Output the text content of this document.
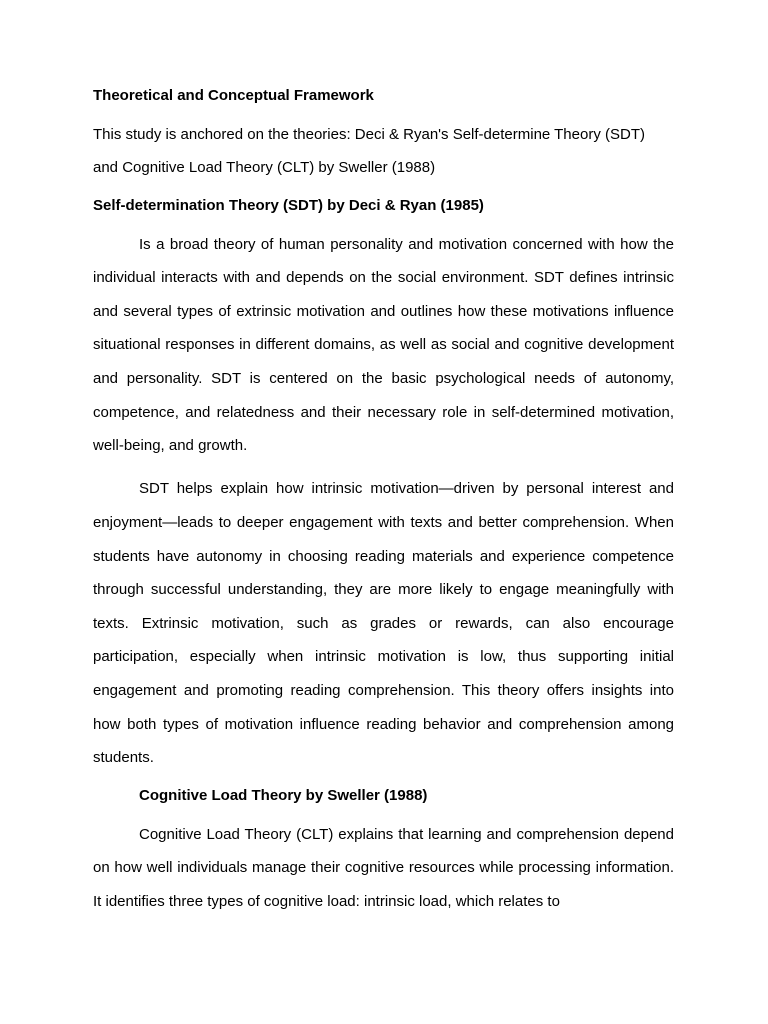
Theoretical and Conceptual Framework
This study is anchored on the theories: Deci & Ryan's Self-determine Theory (SDT) and Cognitive Load Theory (CLT) by Sweller (1988)
Self-determination Theory (SDT) by Deci & Ryan (1985)
Is a broad theory of human personality and motivation concerned with how the individual interacts with and depends on the social environment. SDT defines intrinsic and several types of extrinsic motivation and outlines how these motivations influence situational responses in different domains, as well as social and cognitive development and personality. SDT is centered on the basic psychological needs of autonomy, competence, and relatedness and their necessary role in self-determined motivation, well-being, and growth.
SDT helps explain how intrinsic motivation—driven by personal interest and enjoyment—leads to deeper engagement with texts and better comprehension. When students have autonomy in choosing reading materials and experience competence through successful understanding, they are more likely to engage meaningfully with texts. Extrinsic motivation, such as grades or rewards, can also encourage participation, especially when intrinsic motivation is low, thus supporting initial engagement and promoting reading comprehension. This theory offers insights into how both types of motivation influence reading behavior and comprehension among students.
Cognitive Load Theory by Sweller (1988)
Cognitive Load Theory (CLT) explains that learning and comprehension depend on how well individuals manage their cognitive resources while processing information. It identifies three types of cognitive load: intrinsic load, which relates to
